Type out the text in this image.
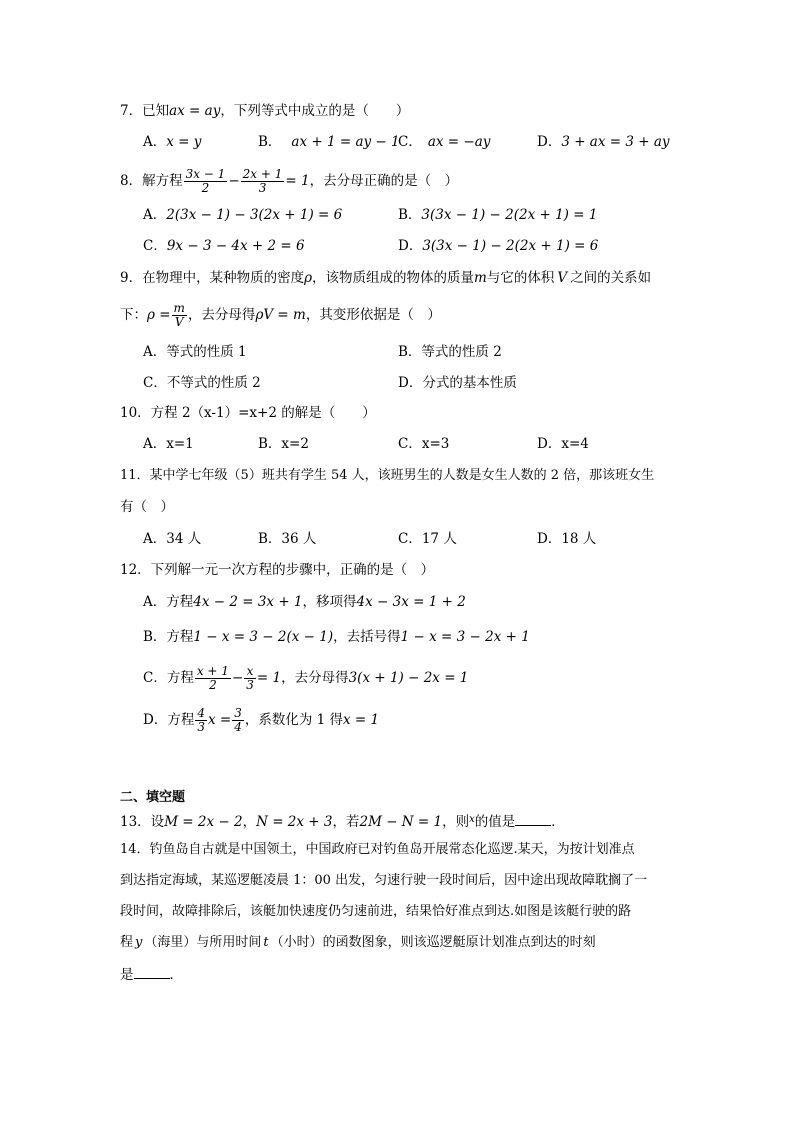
7．已知ax = ay，下列等式中成立的是（　　）
A．x = y	B． ax + 1 = ay − 1
C． ax = −ay	D．3 + ax = 3 + ay
8．解方程 $\frac{3x - 1}{2} - \frac{2x + 1}{3} = 1$，去分母正确的是（　）
A．2(3x − 1) − 3(2x + 1) = 6	B．3(3x − 1) − 2(2x + 1) = 1
C．9x − 3 − 4x + 2 = 6	D．3(3x − 1) − 2(2x + 1) = 6
9．在物理中，某种物质的密度ρ，该物质组成的物体的质量m与它的体积 V 之间的关系如
下：$\rho = \frac{m}{V}$ ，去分母得ρV = m，其变形依据是（　）
A．等式的性质 1	B．等式的性质 2
C．不等式的性质 2	D．分式的基本性质
10．方程 2（x-1）=x+2 的解是（　　）
A．x=1	B．x=2	C．x=3	D．x=4
11．某中学七年级（5）班共有学生 54 人，该班男生的人数是女生人数的 2 倍，那该班女生
有（　）
A．34 人	B．36 人	C．17 人	D．18 人
12．下列解一元一次方程的步骤中，正确的是（　）
A．方程4x − 2 = 3x + 1，移项得4x − 3x = 1 + 2
B．方程1 − x = 3 − 2(x − 1)，去括号得1 − x = 3 − 2x + 1
C．方程 $\frac{x + 1}{2} - \frac{x}{3} = 1$，去分母得3(x + 1) − 2x = 1
D．方程 $\frac{4}{3}$ $x = \frac{3}{4}$ ，系数化为 1 得x = 1
二、填空题
13．设M = 2x − 2，N = 2x + 3，若2M − N = 1，则$^x$的值是	．
14．钓鱼岛自古就是中国领土，中国政府已对钓鱼岛开展常态化巡逻.某天，为按计划准点
到达指定海域，某巡逻艇凌晨 1：00 出发，匀速行驶一段时间后，因中途出现故障耽搁了一
段时间，故障排除后，该艇加快速度仍匀速前进，结果恰好准点到达.如图是该艇行驶的路
程 y （海里）与所用时间 t （小时）的函数图象，则该巡逻艇原计划准点到达的时刻
是	．
